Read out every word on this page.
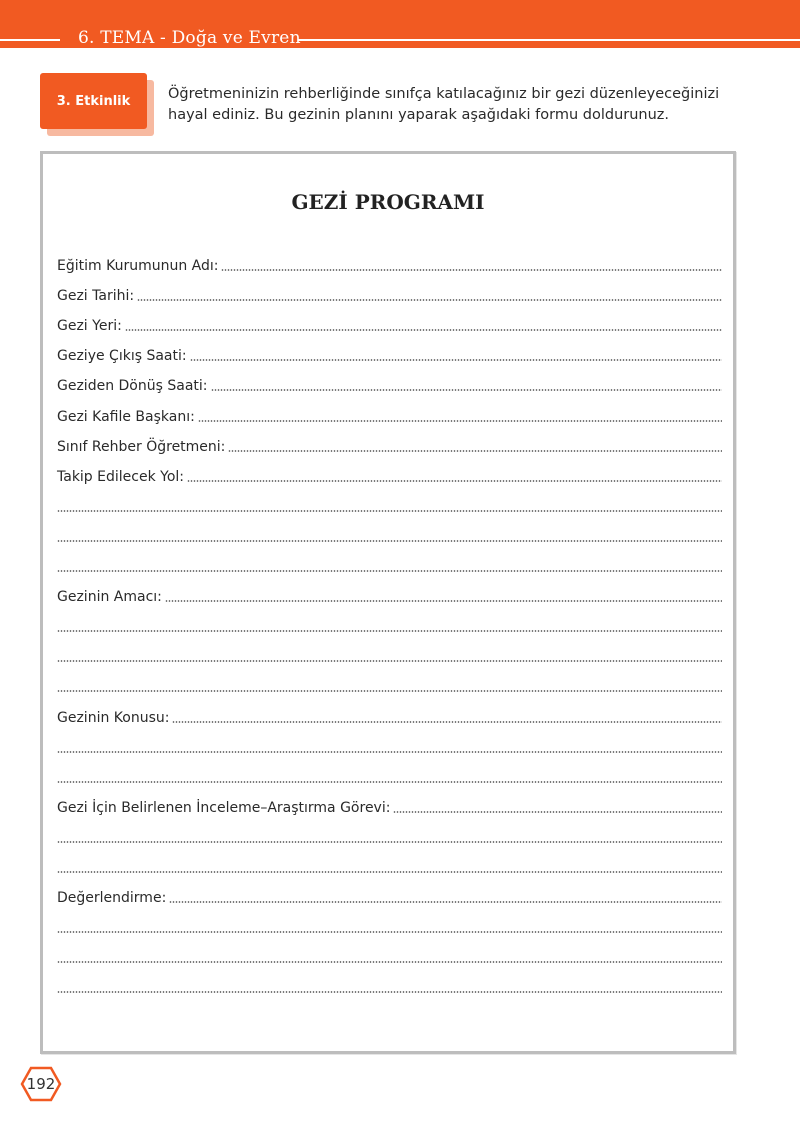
6. TEMA - Doğa ve Evren
3. Etkinlik	Öğretmeninizin rehberliğinde sınıfça katılacağınız bir gezi düzenleyeceğinizi
hayal ediniz. Bu gezinin planını yaparak aşağıdaki formu doldurunuz.
GEZİ PROGRAMI
Eğitim Kurumunun Adı:
Gezi Tarihi:
Gezi Yeri:
Geziye Çıkış Saati:
Geziden Dönüş Saati:
Gezi Kafile Başkanı:
Sınıf Rehber Öğretmeni:
Takip Edilecek Yol:
Gezinin Amacı:
Gezinin Konusu:
Gezi İçin Belirlenen İnceleme–Araştırma Görevi:
Değerlendirme:
192
